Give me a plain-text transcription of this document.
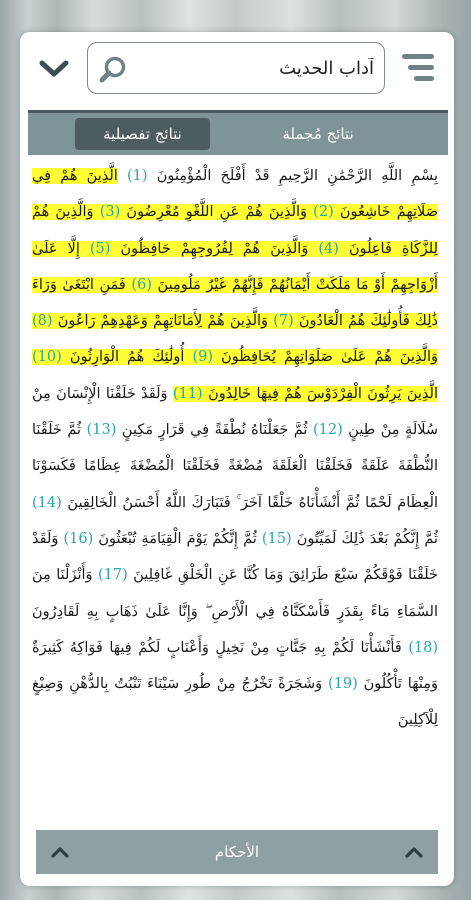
آداب الحديث
نتائج تفصيلية	نتائج مُجملة
بِسْمِ اللَّهِ الرَّحْمَٰنِ الرَّحِيمِ قَدْ أَفْلَحَ الْمُؤْمِنُونَ (1) الَّذِينَ هُمْ فِي صَلَاتِهِمْ خَاشِعُونَ (2) وَالَّذِينَ هُمْ عَنِ اللَّغْوِ مُعْرِضُونَ (3) وَالَّذِينَ هُمْ لِلزَّكَاةِ فَاعِلُونَ (4) وَالَّذِينَ هُمْ لِفُرُوجِهِمْ حَافِظُونَ (5) إِلَّا عَلَىٰ أَزْوَاجِهِمْ أَوْ مَا مَلَكَتْ أَيْمَانُهُمْ فَإِنَّهُمْ غَيْرُ مَلُومِينَ (6) فَمَنِ ابْتَغَىٰ وَرَاءَ ذَٰلِكَ فَأُولَٰئِكَ هُمُ الْعَادُونَ (7) وَالَّذِينَ هُمْ لِأَمَانَاتِهِمْ وَعَهْدِهِمْ رَاعُونَ (8) وَالَّذِينَ هُمْ عَلَىٰ صَلَوَاتِهِمْ يُحَافِظُونَ (9) أُولَٰئِكَ هُمُ الْوَارِثُونَ (10) الَّذِينَ يَرِثُونَ الْفِرْدَوْسَ هُمْ فِيهَا خَالِدُونَ (11) وَلَقَدْ خَلَقْنَا الْإِنْسَانَ مِنْ سُلَالَةٍ مِنْ طِينٍ (12) ثُمَّ جَعَلْنَاهُ نُطْفَةً فِي قَرَارٍ مَكِينٍ (13) ثُمَّ خَلَقْنَا النُّطْفَةَ عَلَقَةً فَخَلَقْنَا الْعَلَقَةَ مُضْغَةً فَخَلَقْنَا الْمُضْغَةَ عِظَامًا فَكَسَوْنَا الْعِظَامَ لَحْمًا ثُمَّ أَنْشَأْنَاهُ خَلْقًا آخَرَ ۚ فَتَبَارَكَ اللَّهُ أَحْسَنُ الْخَالِقِينَ (14) ثُمَّ إِنَّكُمْ بَعْدَ ذَٰلِكَ لَمَيِّتُونَ (15) ثُمَّ إِنَّكُمْ يَوْمَ الْقِيَامَةِ تُبْعَثُونَ (16) وَلَقَدْ خَلَقْنَا فَوْقَكُمْ سَبْعَ طَرَائِقَ وَمَا كُنَّا عَنِ الْخَلْقِ غَافِلِينَ (17) وَأَنْزَلْنَا مِنَ السَّمَاءِ مَاءً بِقَدَرٍ فَأَسْكَنَّاهُ فِي الْأَرْضِ ۖ وَإِنَّا عَلَىٰ ذَهَابٍ بِهِ لَقَادِرُونَ (18) فَأَنْشَأْنَا لَكُمْ بِهِ جَنَّاتٍ مِنْ نَخِيلٍ وَأَعْنَابٍ لَكُمْ فِيهَا فَوَاكِهُ كَثِيرَةٌ وَمِنْهَا تَأْكُلُونَ (19) وَشَجَرَةً تَخْرُجُ مِنْ طُورِ سَيْنَاءَ تَنْبُتُ بِالدُّهْنِ وَصِبْغٍ لِلْآكِلِينَ
الأحكام
